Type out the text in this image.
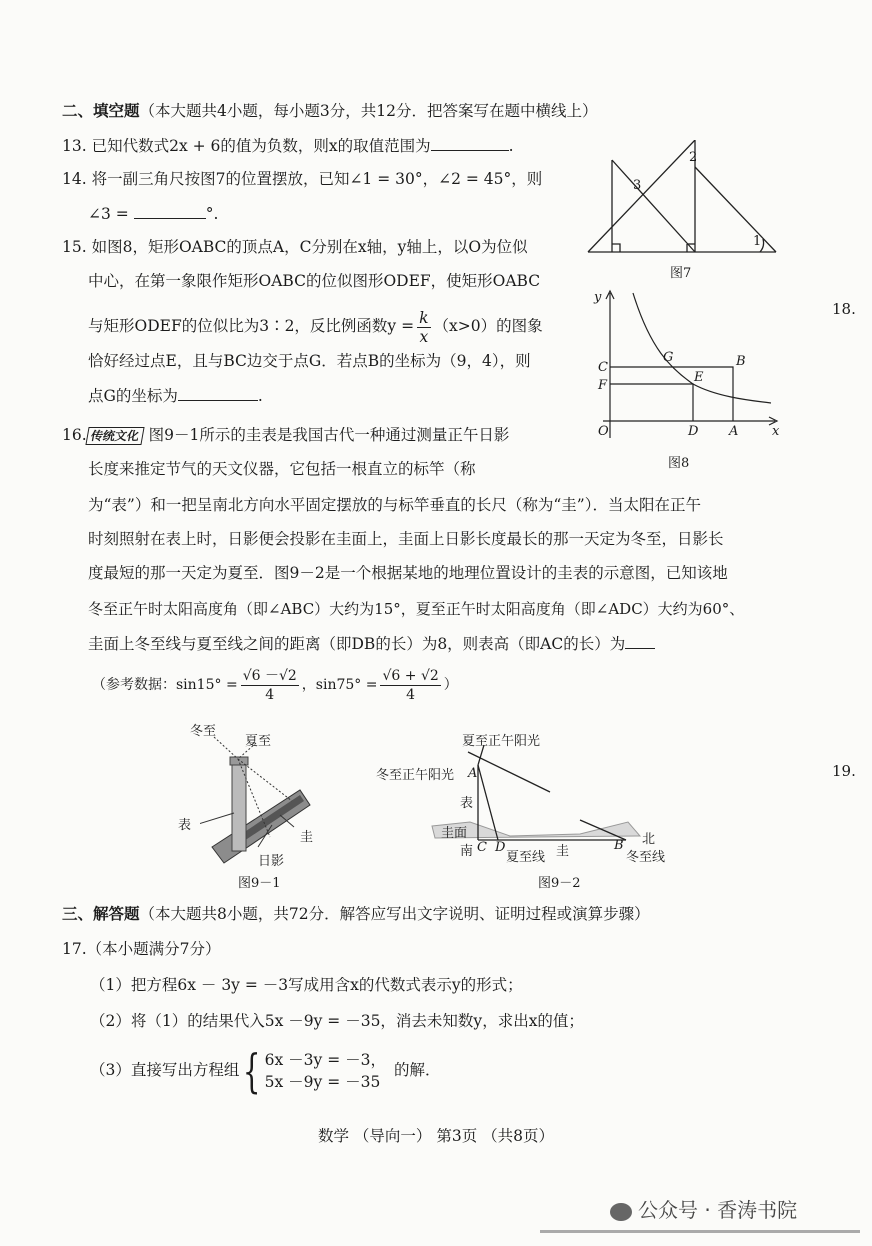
二、填空题（本大题共4小题，每小题3分，共12分．把答案写在题中横线上）
13. 已知代数式2x + 6的值为负数，则x的取值范围为	.
14. 将一副三角尺按图7的位置摆放，已知∠1 = 30°，∠2 = 45°，则
∠3 =	°.
15. 如图8，矩形OABC的顶点A，C分别在x轴，y轴上，以O为位似
中心，在第一象限作矩形OABC的位似图形ODEF，使矩形OABC
与矩形ODEF的位似比为3∶2，反比例函数$y = \frac{k}{x} (x>0)$的图象
恰好经过点E，且与BC边交于点G．若点B的坐标为（9，4），则
点G的坐标为	.
16. 传统文化 图9－1所示的圭表是我国古代一种通过测量正午日影
长度来推定节气的天文仪器，它包括一根直立的标竿（称
为“表”）和一把呈南北方向水平固定摆放的与标竿垂直的长尺（称为“圭”）．当太阳在正午
时刻照射在表上时，日影便会投影在圭面上，圭面上日影长度最长的那一天定为冬至，日影长
度最短的那一天定为夏至．图9－2是一个根据某地的地理位置设计的圭表的示意图，已知该地
冬至正午时太阳高度角（即∠ABC）大约为15°，夏至正午时太阳高度角（即∠ADC）大约为60°、
圭面上冬至线与夏至线之间的距离（即DB的长）为8，则表高（即AC的长）为
（参考数据：$\sin 15^\circ = \frac{√6 -√2}{4}$ ，$\sin 75^\circ = \frac{√6 + √2}{4}$ ）
图7
1
2
3
图8
y
x
O
C
F
G	B
E
D A
冬至
夏至
表
圭
日影
图9－1
夏至正午阳光
冬至正午阳光 A
表
圭面
南 C D
夏至线 圭	B 北
冬至线
图9－2
三、解答题（本大题共8小题，共72分．解答应写出文字说明、证明过程或演算步骤）
17.（本小题满分7分）
（1）把方程6x － 3y = －3写成用含x的代数式表示y的形式；
（2）将（1）的结果代入5x －9y = －35，消去未知数y，求出x的值；
（3）直接写出方程组{ 6x －3y = －3，
5x －9y = －35
的解．
数学 （导向一） 第3页 （共8页）
18.
19.
公众号 · 香涛书院
